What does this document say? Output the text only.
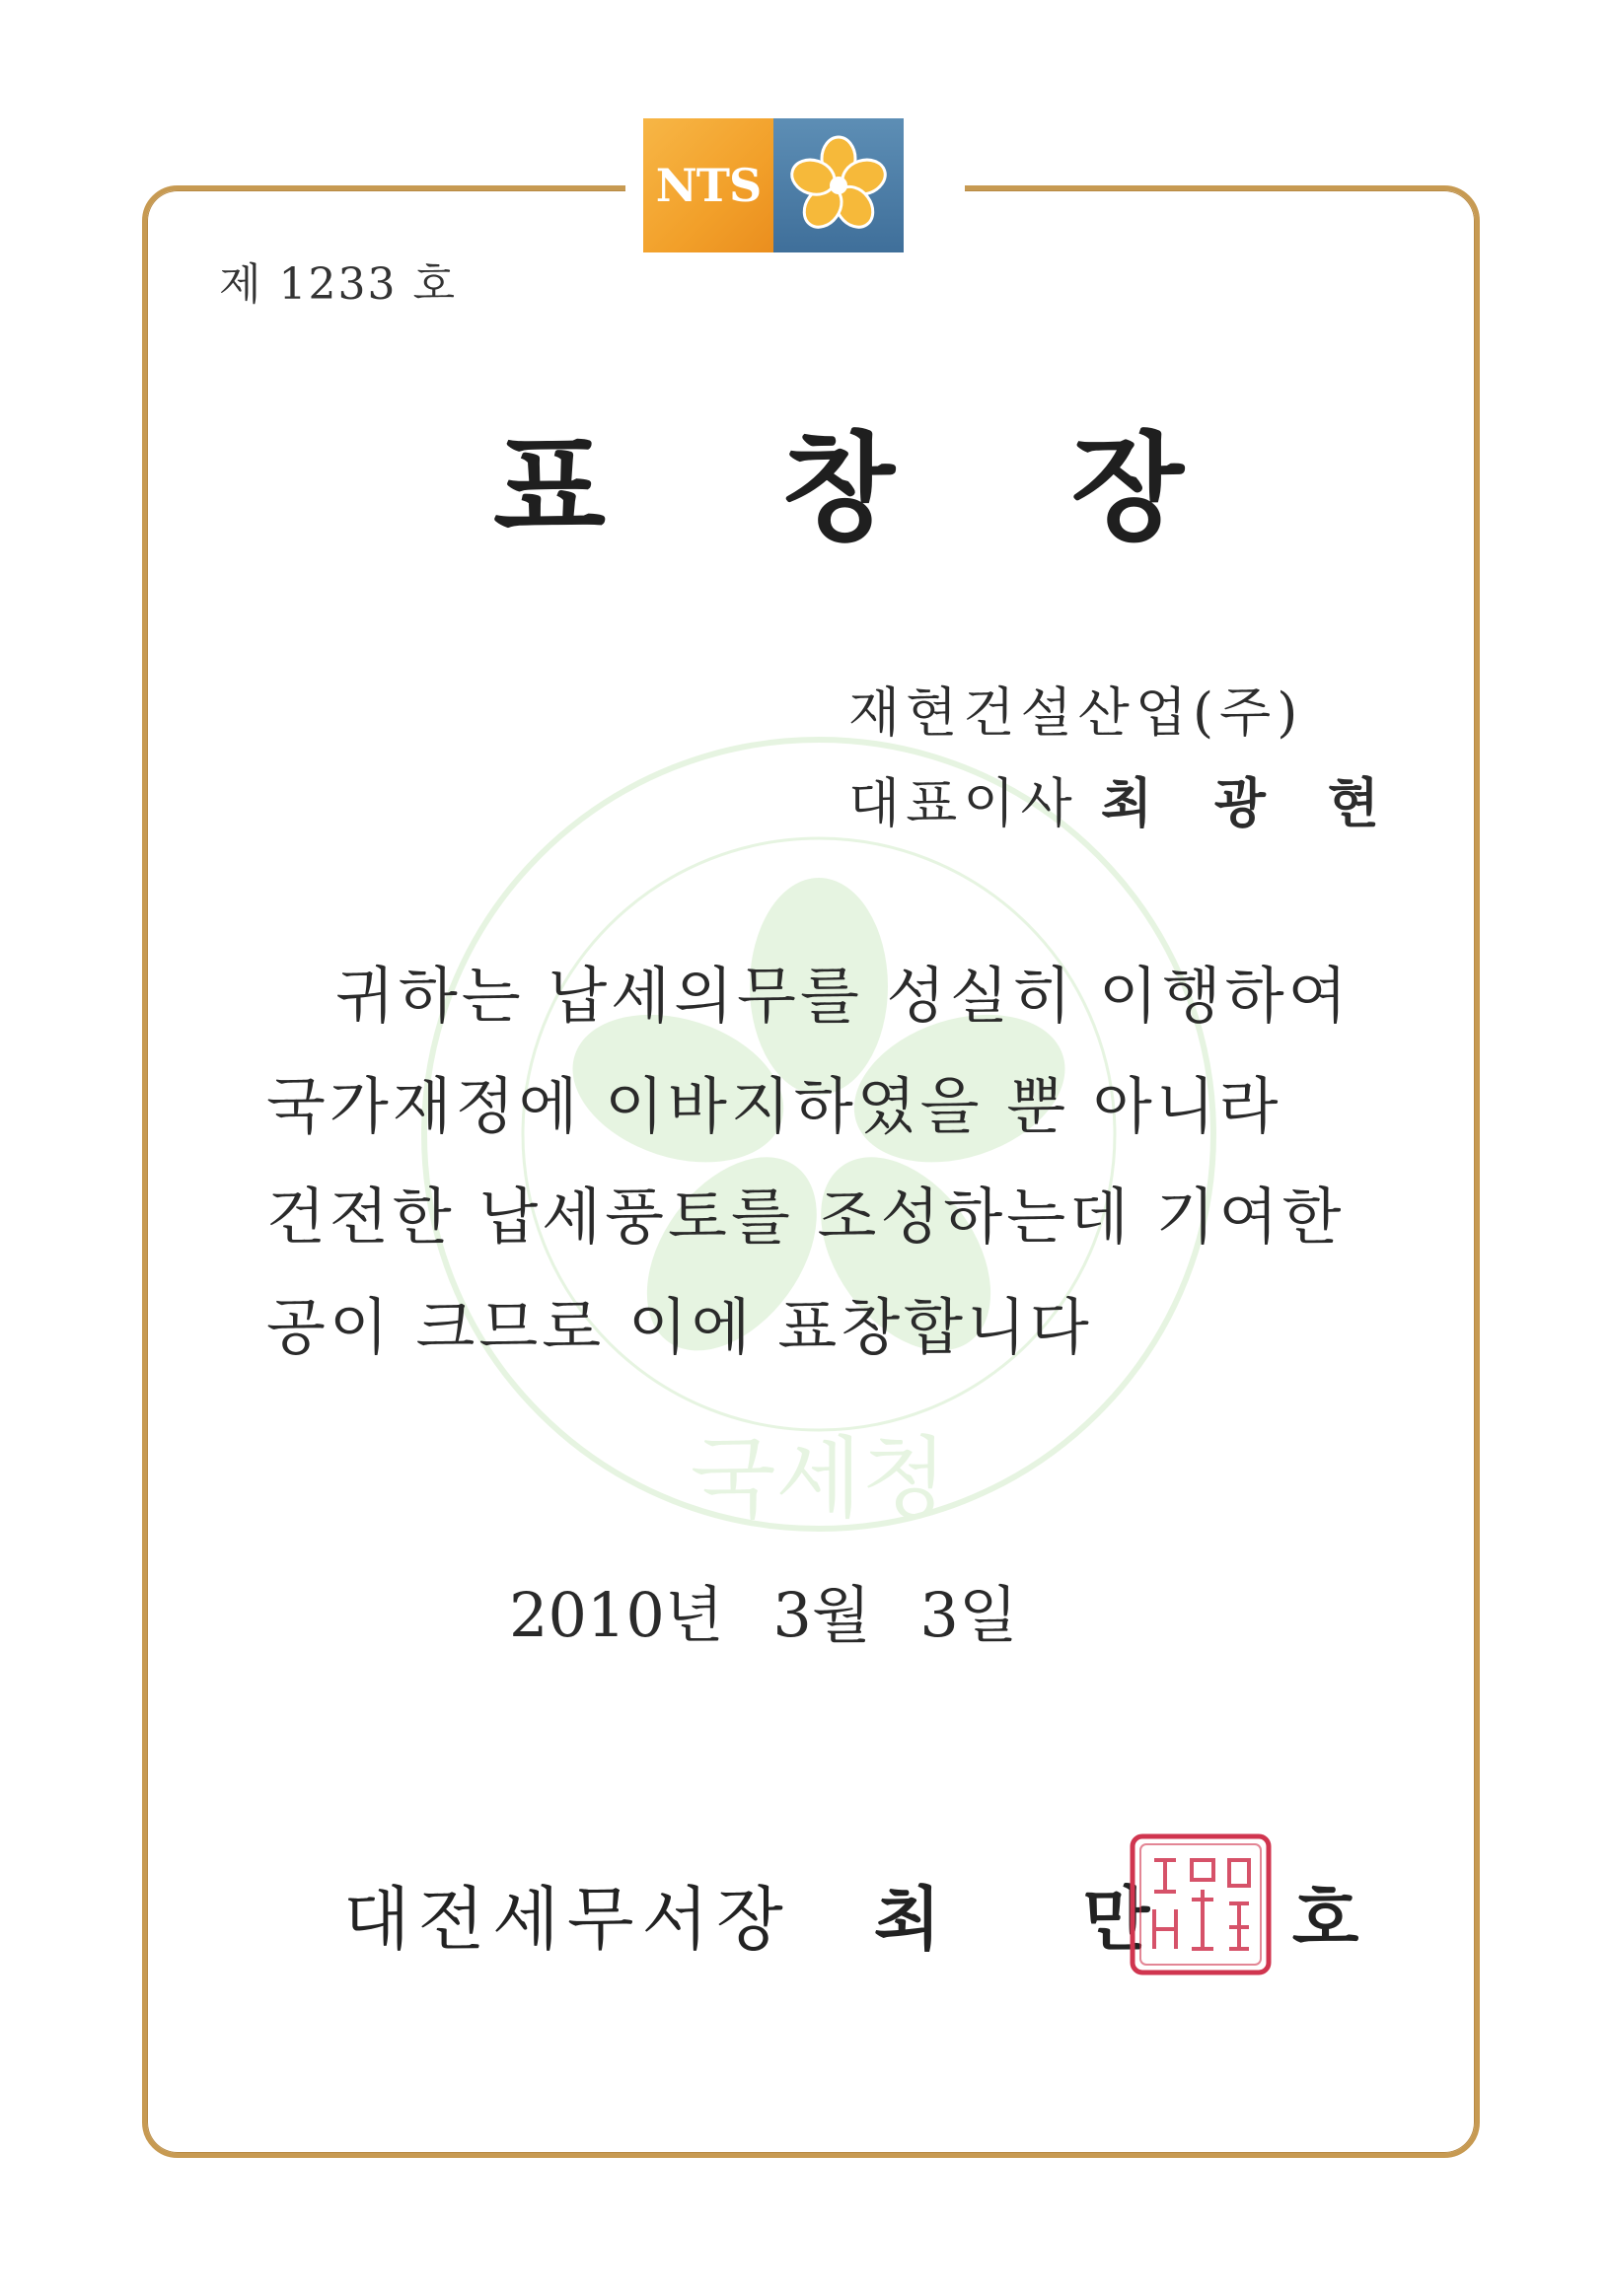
국세청
NTS
제 1233 호
표 창 장
재현건설산업(주)
대표이사 최 광 현
귀하는 납세의무를 성실히 이행하여
국가재정에 이바지하였을 뿐 아니라
건전한 납세풍토를 조성하는데 기여한
공이 크므로 이에 표창합니다
2010년 3월 3일
대전세무서장 최 만 호
